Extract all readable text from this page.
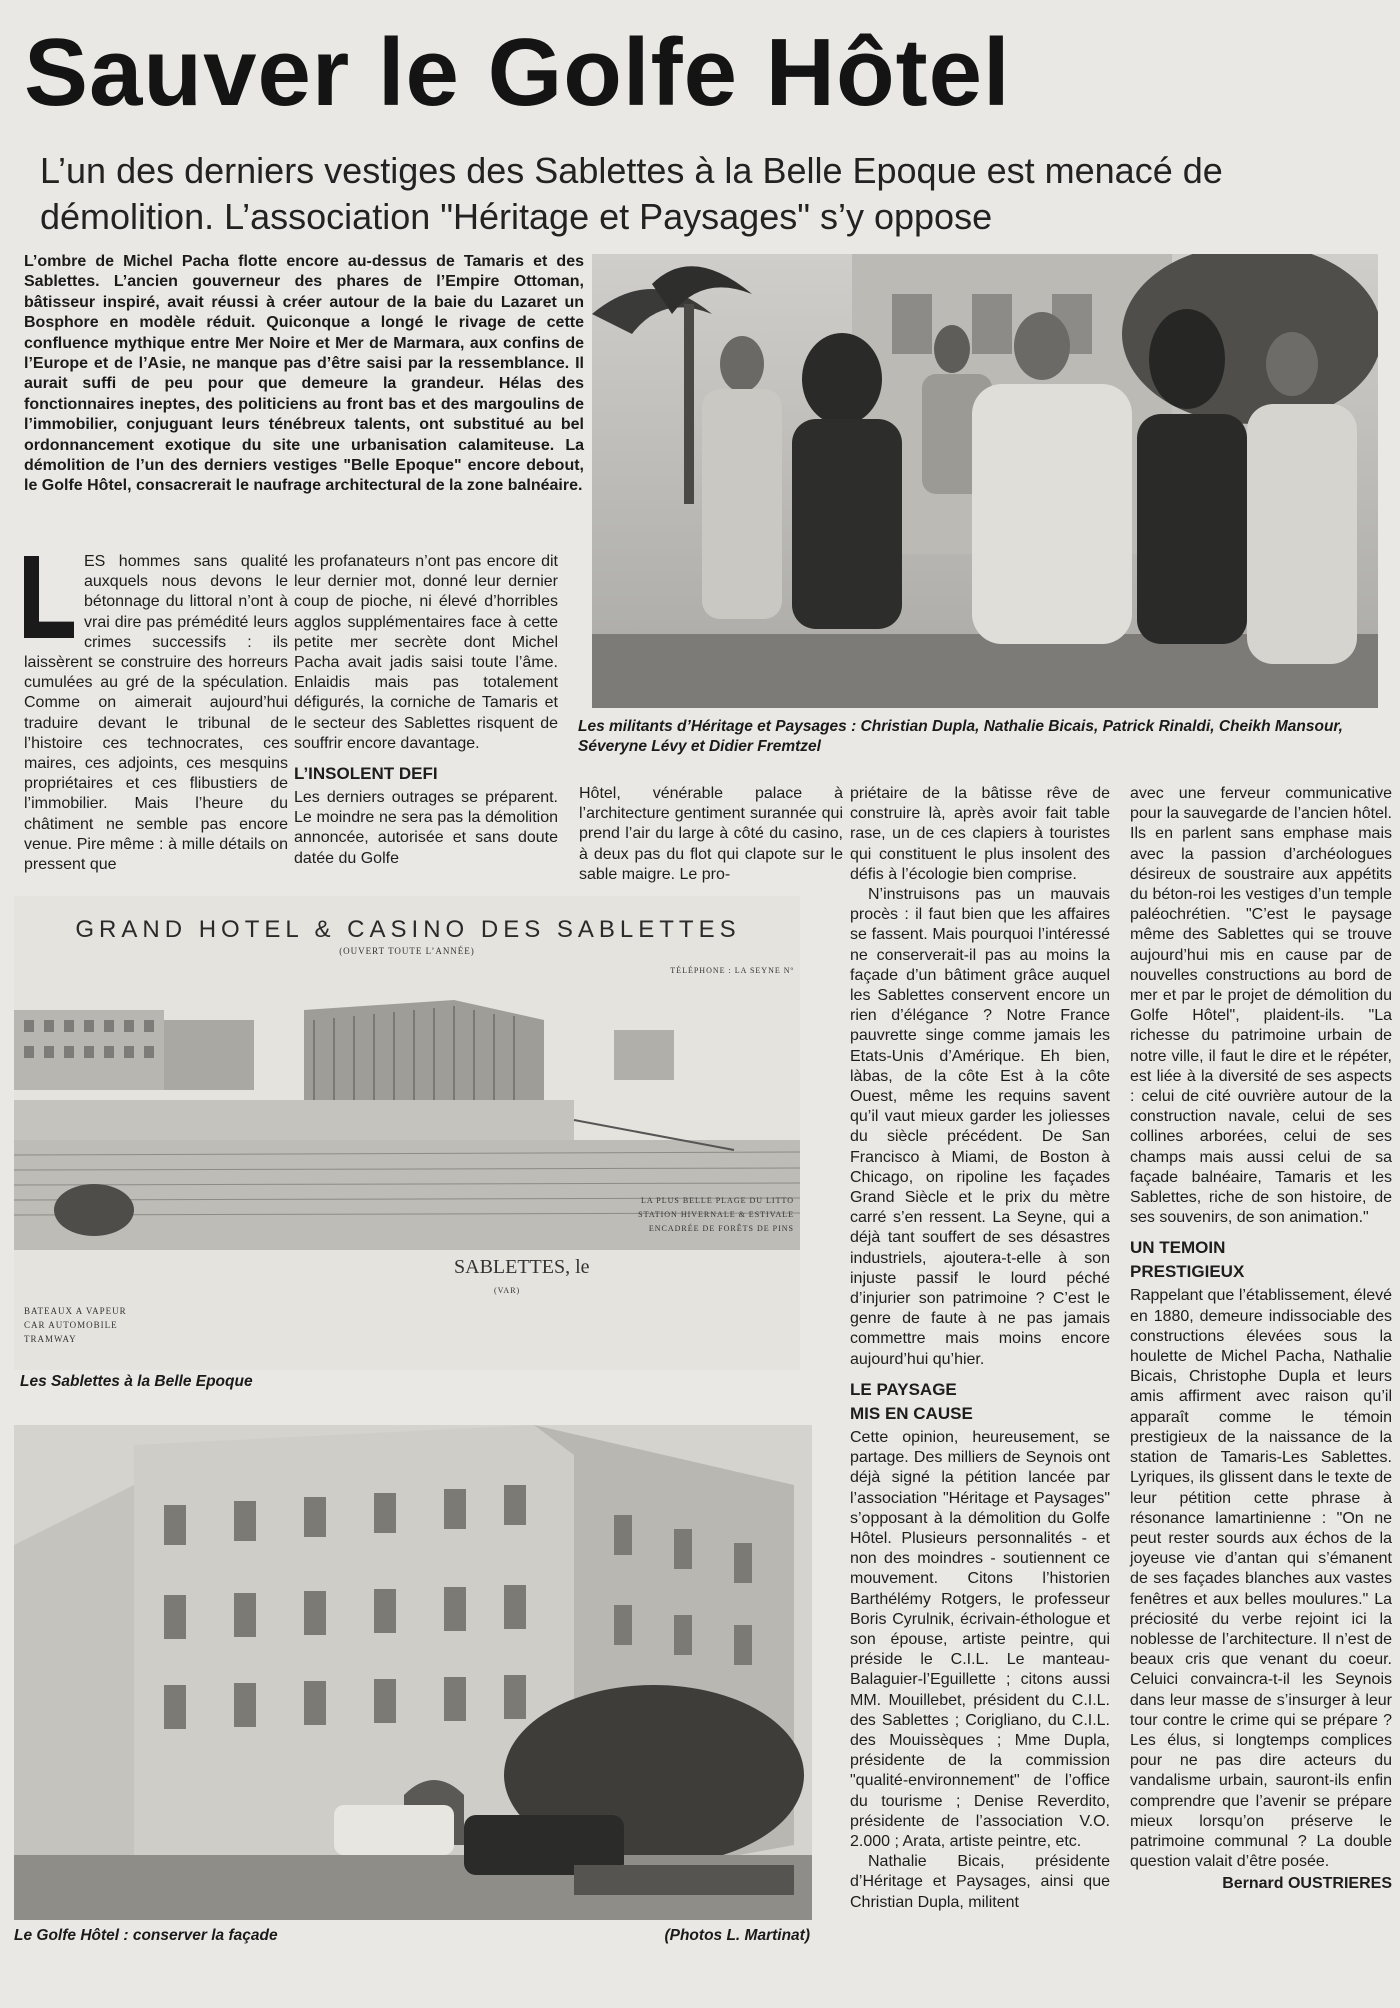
Sauver le Golfe Hôtel
L’un des derniers vestiges des Sablettes à la Belle Epoque est menacé de
démolition. L’association "Héritage et Paysages" s’y oppose
L’ombre de Michel Pacha flotte encore au-dessus de Tamaris et des Sablettes. L’ancien gouverneur des phares de l’Empire Ottoman, bâtisseur inspiré, avait réussi à créer autour de la baie du Lazaret un Bosphore en modèle réduit. Quiconque a longé le rivage de cette confluence mythique entre Mer Noire et Mer de Marmara, aux confins de l’Europe et de l’Asie, ne manque pas d’être saisi par la ressemblance. Il aurait suffi de peu pour que demeure la grandeur. Hélas des fonctionnaires ineptes, des politiciens au front bas et des margoulins de l’immobilier, conjuguant leurs ténébreux talents, ont substitué au bel ordonnancement exotique du site une urbanisation calamiteuse. La démolition de l’un des derniers vestiges "Belle Epoque" encore debout, le Golfe Hôtel, consacrerait le naufrage architectural de la zone balnéaire.
Les militants d’Héritage et Paysages : Christian Dupla, Nathalie Bicais, Patrick Rinaldi, Cheikh Mansour, Séveryne Lévy et Didier Fremtzel

ES hommes sans qualité auxquels nous devons le bétonnage du littoral n’ont à vrai dire pas prémédité leurs crimes successifs : ils laissèrent se construire des horreurs cumulées au gré de la spéculation. Comme on aimerait aujourd’hui traduire devant le tribunal de l’histoire ces technocrates, ces maires, ces adjoints, ces mesquins propriétaires et ces flibustiers de l’immobilier. Mais l’heure du châtiment ne semble pas encore venue. Pire même : à mille détails on pressent que

les profanateurs n’ont pas encore dit leur dernier mot, donné leur dernier coup de pioche, ni élevé d’horribles agglos supplémentaires face à cette petite mer secrète dont Michel Pacha avait jadis saisi toute l’âme. Enlaidis mais pas totalement défigurés, la corniche de Tamaris et le secteur des Sablettes risquent de souffrir encore davantage.

L’INSOLENT DEFI

Les derniers outrages se préparent. Le moindre ne sera pas la démolition annoncée, autorisée et sans doute datée du Golfe

Hôtel, vénérable palace à l’architecture gentiment surannée qui prend l’air du large à côté du casino, à deux pas du flot qui clapote sur le sable maigre. Le pro-

GRAND HOTEL & CASINO DES SABLETTES
(OUVERT TOUTE L’ANNÉE)
TÉLÉPHONE : LA SEYNE Nº
LA PLUS BELLE PLAGE DU LITTO
STATION HIVERNALE & ESTIVALE
ENCADRÉE DE FORÊTS DE PINS
SABLETTES, le
(VAR)
BATEAUX A VAPEUR
CAR AUTOMOBILE
TRAMWAY
Les Sablettes à la Belle Epoque
Le Golfe Hôtel : conserver la façade	(Photos L. Martinat)

priétaire de la bâtisse rêve de construire là, après avoir fait table rase, un de ces clapiers à touristes qui constituent le plus insolent des défis à l’écologie bien comprise.

N’instruisons pas un mauvais procès : il faut bien que les affaires se fassent. Mais pourquoi l’intéressé ne conserverait-il pas au moins la façade d’un bâtiment grâce auquel les Sablettes conservent encore un rien d’élégance ? Notre France pauvrette singe comme jamais les Etats-Unis d’Amérique. Eh bien, làbas, de la côte Est à la côte Ouest, même les requins savent qu’il vaut mieux garder les joliesses du siècle précédent. De San Francisco à Miami, de Boston à Chicago, on ripoline les façades Grand Siècle et le prix du mètre carré s’en ressent. La Seyne, qui a déjà tant souffert de ses désastres industriels, ajoutera-t-elle à son injuste passif le lourd péché d’injurier son patrimoine ? C’est le genre de faute à ne pas jamais commettre mais moins encore aujourd’hui qu’hier.

LE PAYSAGE
MIS EN CAUSE

Cette opinion, heureusement, se partage. Des milliers de Seynois ont déjà signé la pétition lancée par l’association "Héritage et Paysages" s’opposant à la démolition du Golfe Hôtel. Plusieurs personnalités - et non des moindres - soutiennent ce mouvement. Citons l’historien Barthélémy Rotgers, le professeur Boris Cyrulnik, écrivain-éthologue et son épouse, artiste peintre, qui préside le C.I.L. Le manteau-Balaguier-l’Eguillette ; citons aussi MM. Mouillebet, président du C.I.L. des Sablettes ; Corigliano, du C.I.L. des Mouissèques ; Mme Dupla, présidente de la commission "qualité-environnement" de l’office du tourisme ; Denise Reverdito, présidente de l’association V.O. 2.000 ; Arata, artiste peintre, etc.

Nathalie Bicais, présidente d’Héritage et Paysages, ainsi que Christian Dupla, militent

avec une ferveur communicative pour la sauvegarde de l’ancien hôtel. Ils en parlent sans emphase mais avec la passion d’archéologues désireux de soustraire aux appétits du béton-roi les vestiges d’un temple paléochrétien. "C’est le paysage même des Sablettes qui se trouve aujourd’hui mis en cause par de nouvelles constructions au bord de mer et par le projet de démolition du Golfe Hôtel", plaident-ils. "La richesse du patrimoine urbain de notre ville, il faut le dire et le répéter, est liée à la diversité de ses aspects : celui de cité ouvrière autour de la construction navale, celui de ses collines arborées, celui de ses champs mais aussi celui de sa façade balnéaire, Tamaris et les Sablettes, riche de son histoire, de ses souvenirs, de son animation."

UN TEMOIN
PRESTIGIEUX

Rappelant que l’établissement, élevé en 1880, demeure indissociable des constructions élevées sous la houlette de Michel Pacha, Nathalie Bicais, Christophe Dupla et leurs amis affirment avec raison qu’il apparaît comme le témoin prestigieux de la naissance de la station de Tamaris-Les Sablettes. Lyriques, ils glissent dans le texte de leur pétition cette phrase à résonance lamartinienne : "On ne peut rester sourds aux échos de la joyeuse vie d’antan qui s’émanent de ses façades blanches aux vastes fenêtres et aux belles moulures." La préciosité du verbe rejoint ici la noblesse de l’architecture. Il n’est de beaux cris que venant du coeur. Celuici convaincra-t-il les Seynois dans leur masse de s’insurger à leur tour contre le crime qui se prépare ? Les élus, si longtemps complices pour ne pas dire acteurs du vandalisme urbain, sauront-ils enfin comprendre que l’avenir se prépare mieux lorsqu’on préserve le patrimoine communal ? La double question valait d’être posée.

Bernard OUSTRIERES
